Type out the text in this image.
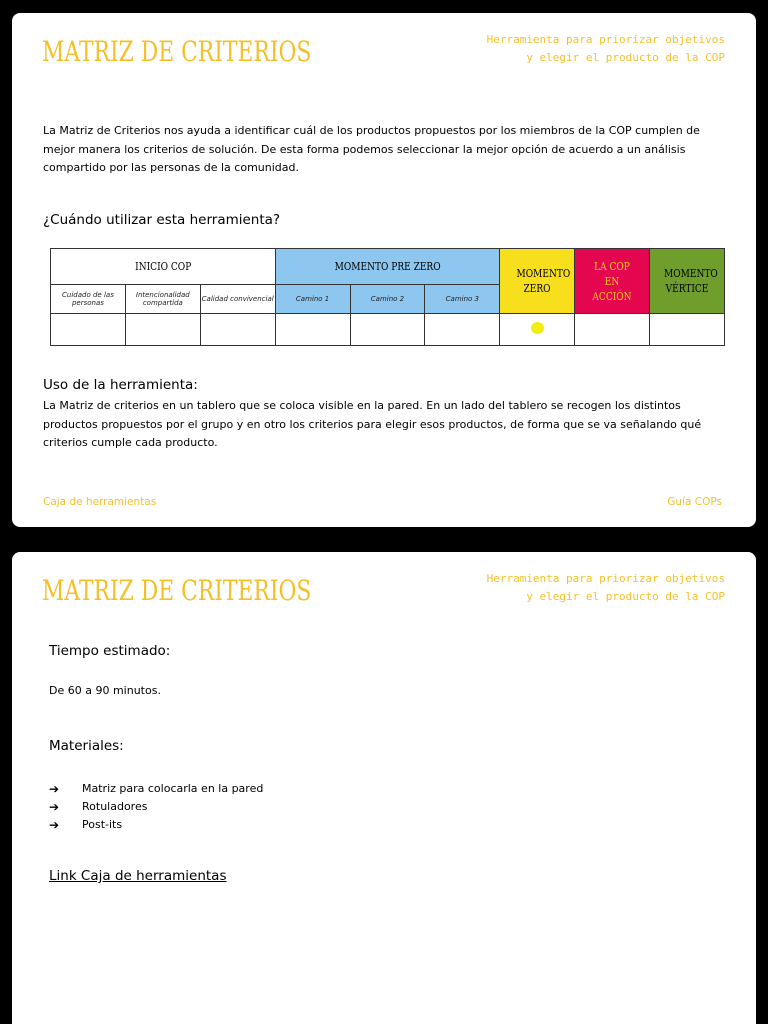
MATRIZ DE CRITERIOS	Herramienta para priorizar objetivos y elegir el producto de la COP

La Matriz de Criterios nos ayuda a identificar cuál de los productos propuestos por los miembros de la COP cumplen de mejor manera los criterios de solución. De esta forma podemos seleccionar la mejor opción de acuerdo a un análisis compartido por las personas de la comunidad.

¿Cuándo utilizar esta herramienta?
INICIO COP			MOMENTO PRE ZERO			MOMENTO ZERO	LA COP EN ACCIÓN	MOMENTO VÉRTICE
Cuidado de las personas	Intencionalidad compartida	Calidad convivencial	Camino 1	Camino 2	Camino 3			

Uso de la herramienta:

La Matriz de criterios en un tablero que se coloca visible en la pared. En un lado del tablero se recogen los distintos productos propuestos por el grupo y en otro los criterios para elegir esos productos, de forma que se va señalando qué criterios cumple cada producto.

Caja de herramientas	Guía COPs
MATRIZ DE CRITERIOS	Herramienta para priorizar objetivos y elegir el producto de la COP
Tiempo estimado:

De 60 a 90 minutos.

Materiales:
➔	Matriz para colocarla en la pared
➔	Rotuladores
➔	Post-its
Link Caja de herramientas
